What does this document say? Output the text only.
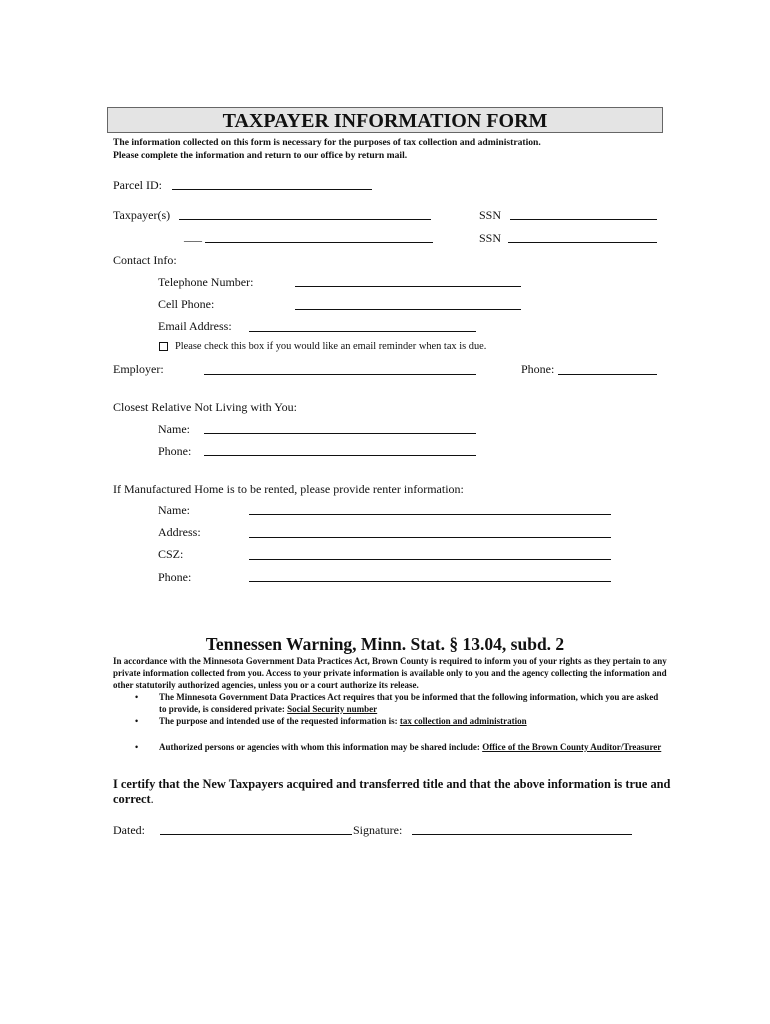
TAXPAYER INFORMATION FORM
The information collected on this form is necessary for the purposes of tax collection and administration.
Please complete the information and return to our office by return mail.
Parcel ID:
Taxpayer(s)	SSN
___	SSN
Contact Info:
Telephone Number:
Cell Phone:
Email Address:
Please check this box if you would like an email reminder when tax is due.
Employer:	Phone:
Closest Relative Not Living with You:
Name:
Phone:
If Manufactured Home is to be rented, please provide renter information:
Name:
Address:
CSZ:
Phone:
Tennessen Warning, Minn. Stat. § 13.04, subd. 2
In accordance with the Minnesota Government Data Practices Act, Brown County is required to inform you of your rights as they pertain to any private information collected from you. Access to your private information is available only to you and the agency collecting the information and other statutorily authorized agencies, unless you or a court authorize its release.
• The Minnesota Government Data Practices Act requires that you be informed that the following information, which you are asked to provide, is considered private: Social Security number
• The purpose and intended use of the requested information is: tax collection and administration
• Authorized persons or agencies with whom this information may be shared include: Office of the Brown County Auditor/Treasurer
I certify that the New Taxpayers acquired and transferred title and that the above information is true and correct.
Dated:	Signature:
